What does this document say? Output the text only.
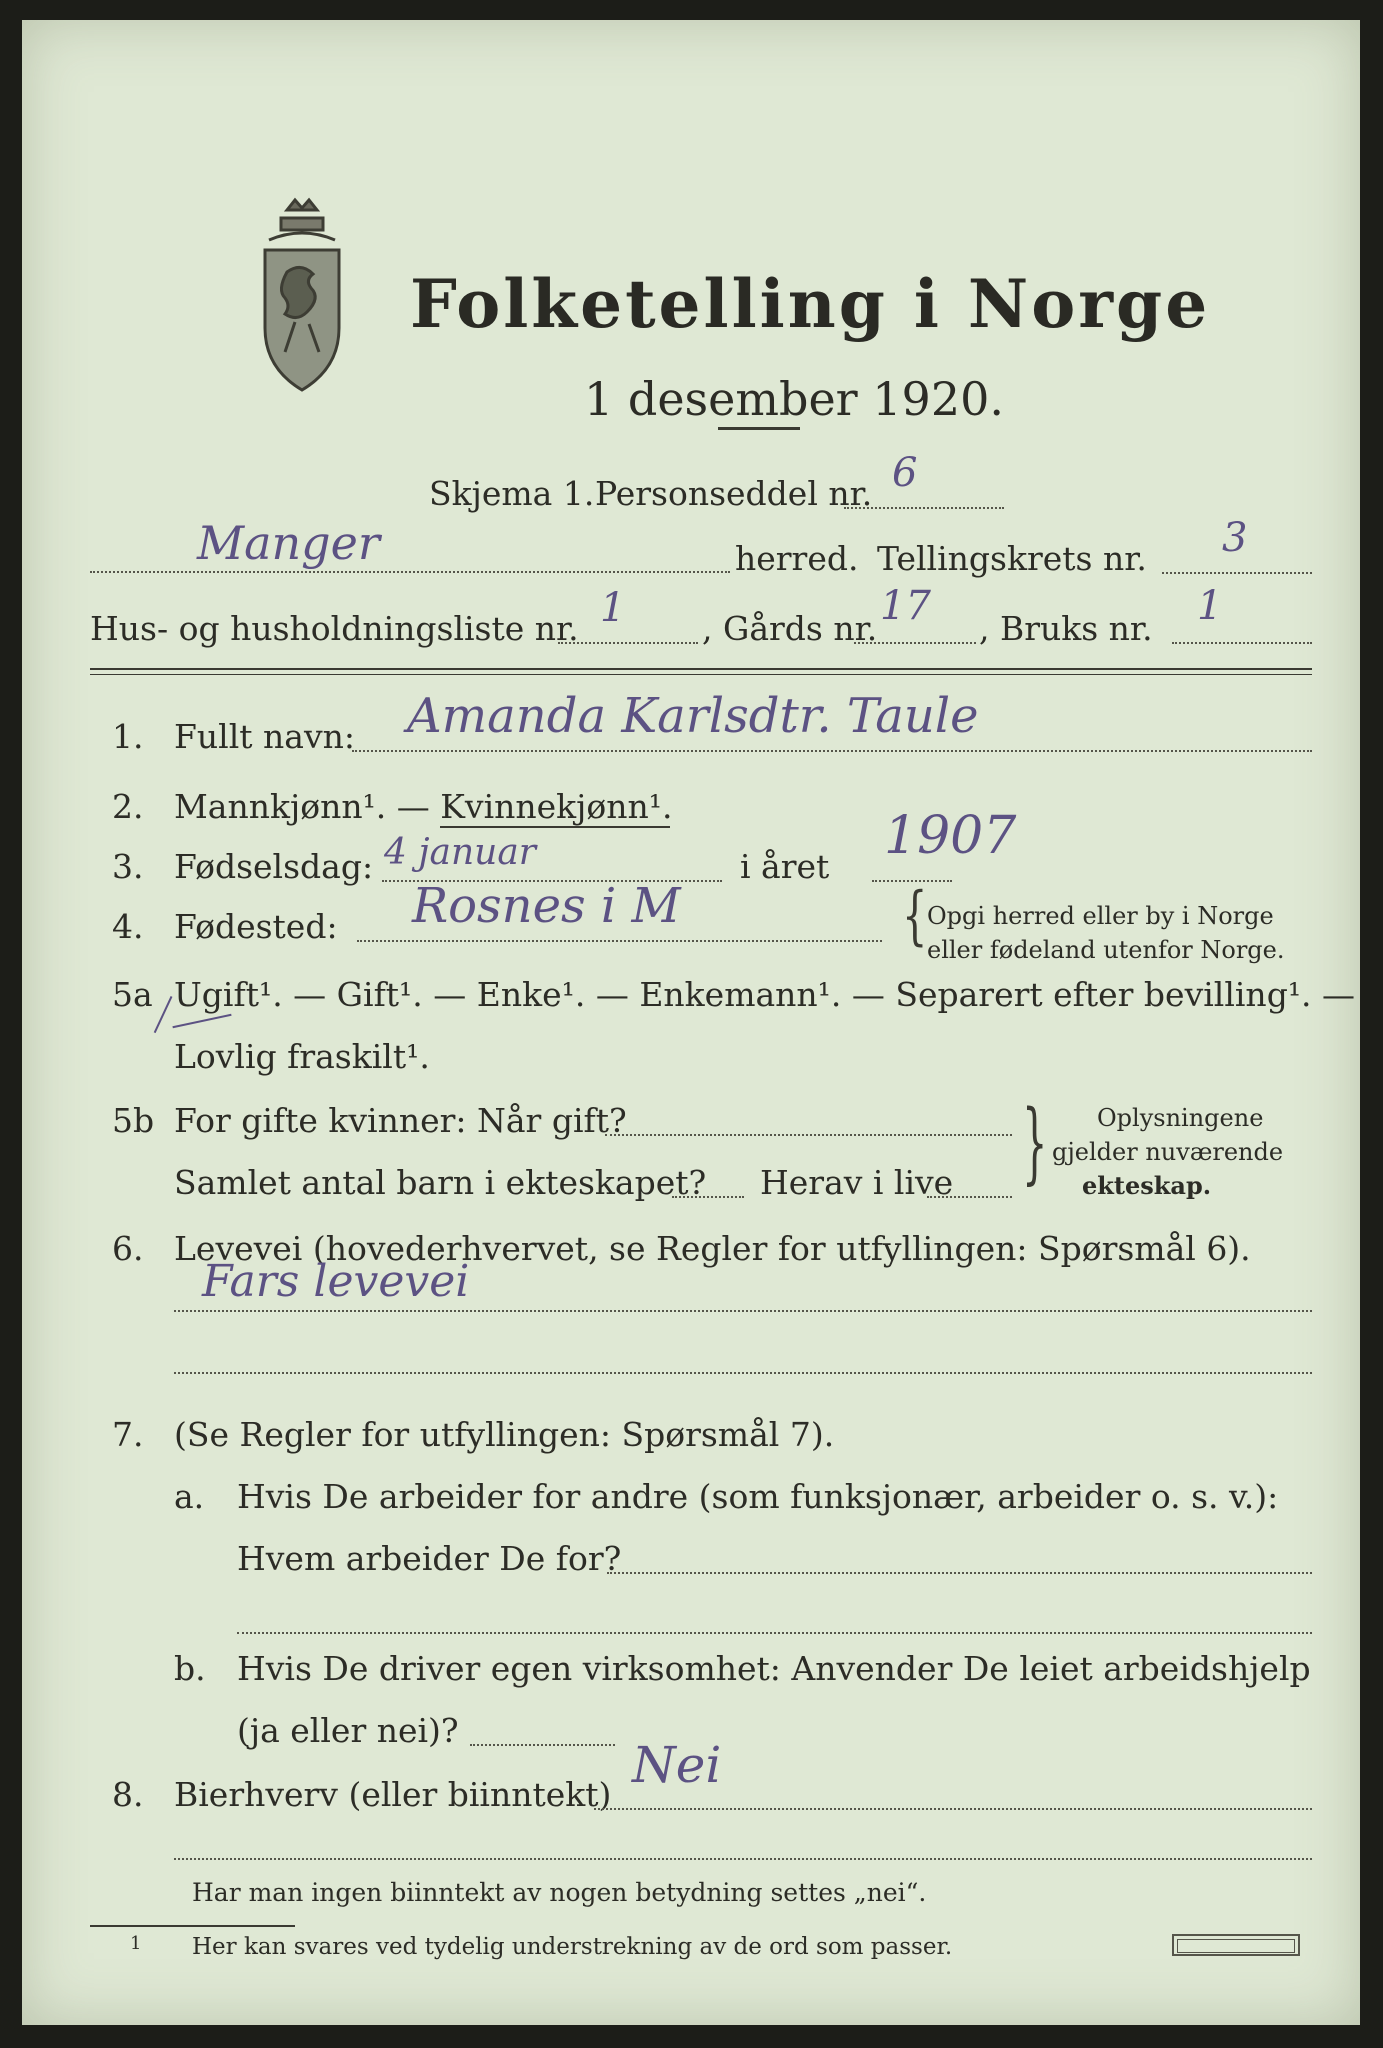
Folketelling i Norge
1 desember 1920.
Skjema 1. Personseddel nr. 6
Manger	herred. Tellingskrets nr. 3
Hus- og husholdningsliste nr. 1 , Gårds nr. 17 , Bruks nr. 1
1. Fullt navn: Amanda Karlsdtr. Taule
2. Mannkjønn¹. — Kvinnekjønn¹.
3. Fødselsdag: 4 januar	i året
1907
4. Fødested: Rosnes i M	{ Opgi herred eller by i Norge
eller fødeland utenfor Norge.
5a Ugift¹. — Gift¹. — Enke¹. — Enkemann¹. — Separert efter bevilling¹. —
Lovlig fraskilt¹.
5b For gifte kvinner: Når gift?
Samlet antal barn i ekteskapet? Herav i live } Oplysningene
gjelder nuværende
ekteskap.
6. Levevei (hovederhvervet, se Regler for utfyllingen: Spørsmål 6).
Fars levevei
7. (Se Regler for utfyllingen: Spørsmål 7).
a. Hvis De arbeider for andre (som funksjonær, arbeider o. s. v.):
Hvem arbeider De for?
b. Hvis De driver egen virksomhet: Anvender De leiet arbeidshjelp
(ja eller nei)?
8. Bierhverv (eller biinntekt)
Nei
Har man ingen biinntekt av nogen betydning settes „nei“.
1 Her kan svares ved tydelig understrekning av de ord som passer.
